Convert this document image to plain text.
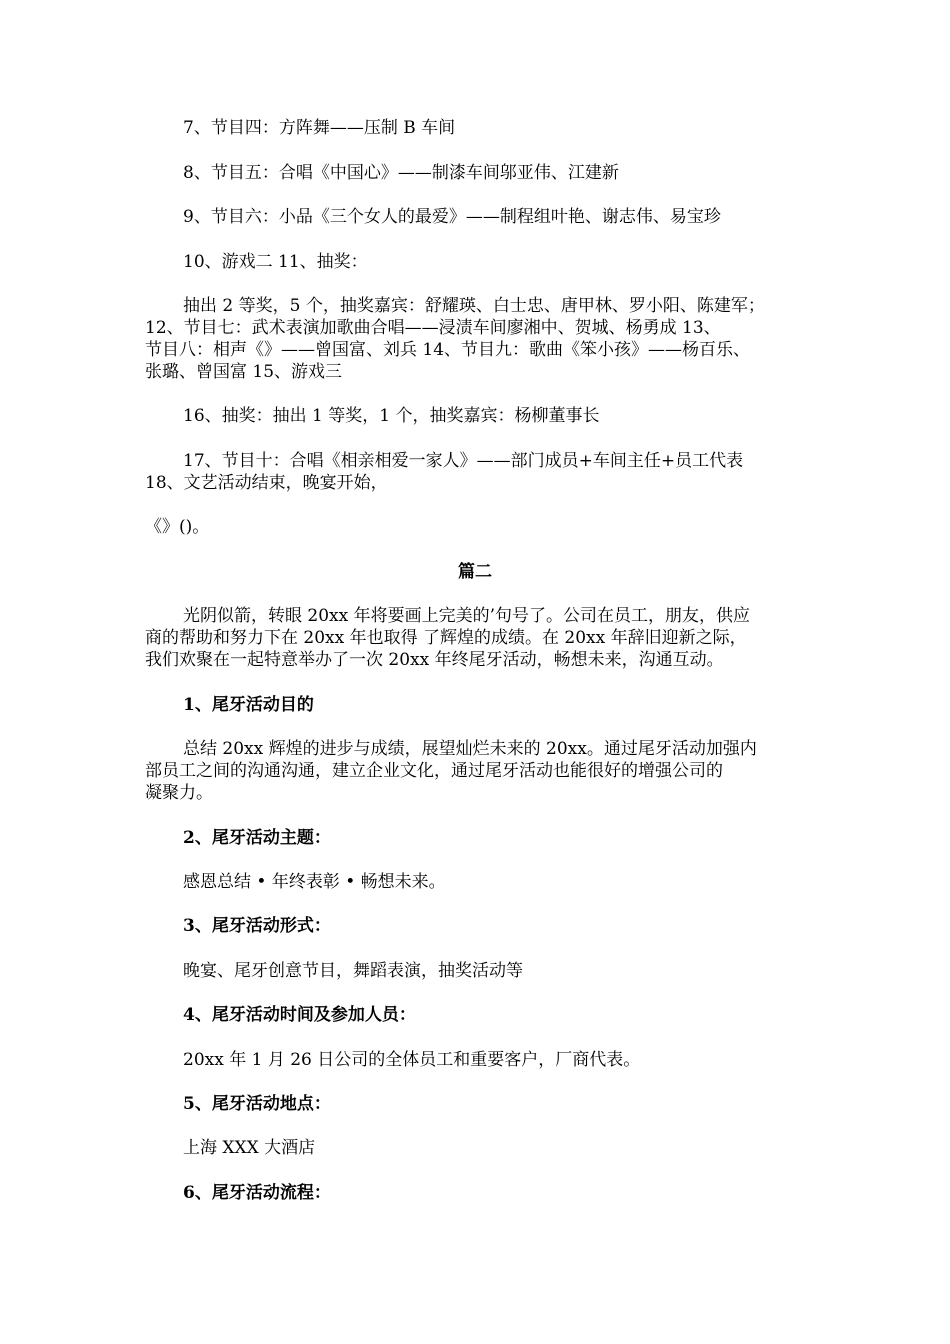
7、节目四：方阵舞——压制 B 车间
8、节目五：合唱《中国心》——制漆车间邬亚伟、江建新
9、节目六：小品《三个女人的最爱》——制程组叶艳、谢志伟、易宝珍
10、游戏二 11、抽奖：
抽出 2 等奖，5 个，抽奖嘉宾：舒耀瑛、白士忠、唐甲林、罗小阳、陈建军；
12、节目七：武术表演加歌曲合唱——浸渍车间廖湘中、贺城、杨勇成 13、
节目八：相声《》——曾国富、刘兵 14、节目九：歌曲《笨小孩》——杨百乐、
张璐、曾国富 15、游戏三
16、抽奖：抽出 1 等奖，1 个，抽奖嘉宾：杨柳董事长
17、节目十：合唱《相亲相爱一家人》——部门成员+车间主任+员工代表
18、文艺活动结束，晚宴开始，
《》()。
篇二
光阴似箭，转眼 20xx 年将要画上完美的’句号了。公司在员工，朋友，供应
商的帮助和努力下在 20xx 年也取得 了辉煌的成绩。在 20xx 年辞旧迎新之际，
我们欢聚在一起特意举办了一次 20xx 年终尾牙活动，畅想未来，沟通互动。
1、尾牙活动目的
总结 20xx 辉煌的进步与成绩，展望灿烂未来的 20xx。通过尾牙活动加强内
部员工之间的沟通沟通，建立企业文化，通过尾牙活动也能很好的增强公司的
凝聚力。
2、尾牙活动主题：
感恩总结 • 年终表彰 • 畅想未来。
3、尾牙活动形式：
晚宴、尾牙创意节目，舞蹈表演，抽奖活动等
4、尾牙活动时间及参加人员：
20xx 年 1 月 26 日公司的全体员工和重要客户，厂商代表。
5、尾牙活动地点：
上海 XXX 大酒店
6、尾牙活动流程：
